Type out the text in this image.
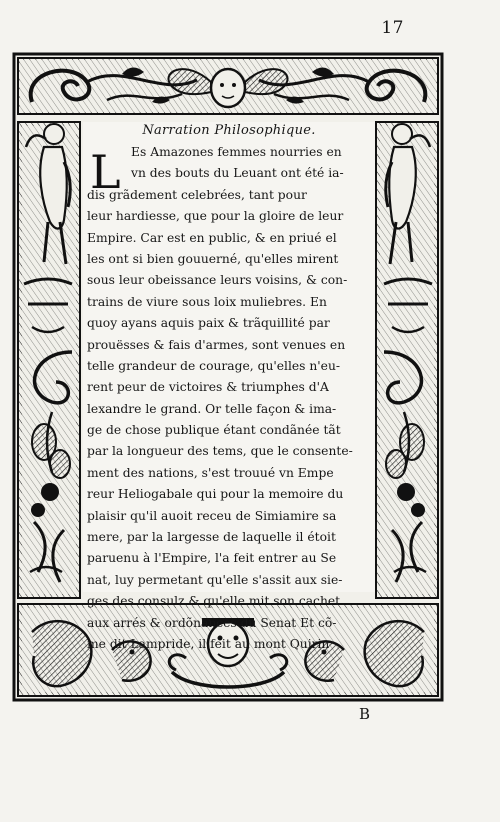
17
Narration Philosophique.
L Es Amazones femmes nourries en
vn des bouts du Leuant ont été ia-
dis grãdement celebrées, tant pour
leur hardiesse, que pour la gloire de leur
Empire. Car est en public, & en priué el
les ont si bien gouuerné, qu'elles mirent
sous leur obeissance leurs voisins, & con-
trains de viure sous loix muliebres. En
quoy ayans aquis paix & trãquillité par
prouësses & fais d'armes, sont venues en
telle grandeur de courage, qu'elles n'eu-
rent peur de victoires & triumphes d'A
lexandre le grand. Or telle façon & ima-
ge de chose publique étant condãnée tãt
par la longueur des tems, que le consente-
ment des nations, s'est trouué vn Empe
reur Heliogabale qui pour la memoire du
plaisir qu'il auoit receu de Simiamire sa
mere, par la largesse de laquelle il étoit
paruenu à l'Empire, l'a feit entrer au Se
nat, luy permetant qu'elle s'assit aux sie-
ges des consulz & qu'elle mit son cachet
aux arrés & ordõnances du Senat Et cõ-
me dit Lampride, il feit au mont Quirin
B
